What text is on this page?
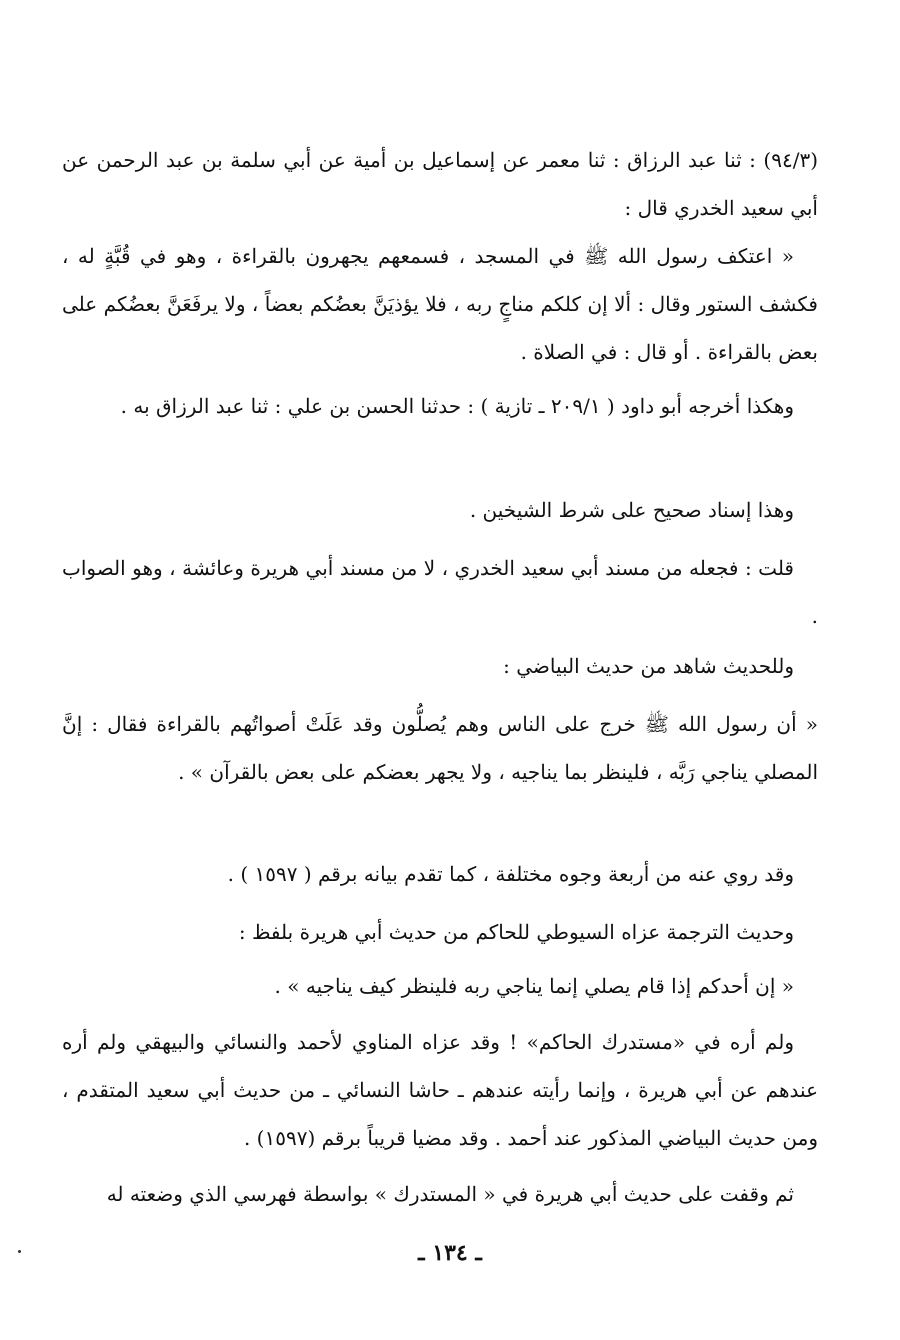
(٩٤/٣) : ثنا عبد الرزاق : ثنا معمر عن إسماعيل بن أمية عن أبي سلمة بن عبد الرحمن عن أبي سعيد الخدري قال :

« اعتكف رسول الله ﷺ في المسجد ، فسمعهم يجهرون بالقراءة ، وهو في قُبَّةٍ له ، فكشف الستور وقال : ألا إن كلكم مناجٍ ربه ، فلا يؤذيَنَّ بعضُكم بعضاً ، ولا يرفَعَنَّ بعضُكم على بعض بالقراءة . أو قال : في الصلاة .

وهكذا أخرجه أبو داود ( ٢٠٩/١ ـ تازية ) : حدثنا الحسن بن علي : ثنا عبد الرزاق به .

وهذا إسناد صحيح على شرط الشيخين .

قلت : فجعله من مسند أبي سعيد الخدري ، لا من مسند أبي هريرة وعائشة ، وهو الصواب .

وللحديث شاهد من حديث البياضي :

« أن رسول الله ﷺ خرج على الناس وهم يُصلُّون وقد عَلَتْ أصواتُهم بالقراءة فقال : إنَّ المصلي يناجي رَبَّه ، فلينظر بما يناجيه ، ولا يجهر بعضكم على بعض بالقرآن » .

وقد روي عنه من أربعة وجوه مختلفة ، كما تقدم بيانه برقم ( ١٥٩٧ ) .

وحديث الترجمة عزاه السيوطي للحاكم من حديث أبي هريرة بلفظ :

« إن أحدكم إذا قام يصلي إنما يناجي ربه فلينظر كيف يناجيه » .

ولم أره في «مستدرك الحاكم» ! وقد عزاه المناوي لأحمد والنسائي والبيهقي ولم أره عندهم عن أبي هريرة ، وإنما رأيته عندهم ـ حاشا النسائي ـ من حديث أبي سعيد المتقدم ، ومن حديث البياضي المذكور عند أحمد . وقد مضيا قريباً برقم (١٥٩٧) .

ثم وقفت على حديث أبي هريرة في « المستدرك » بواسطة فهرسي الذي وضعته له

ـ ١٣٤ ـ
